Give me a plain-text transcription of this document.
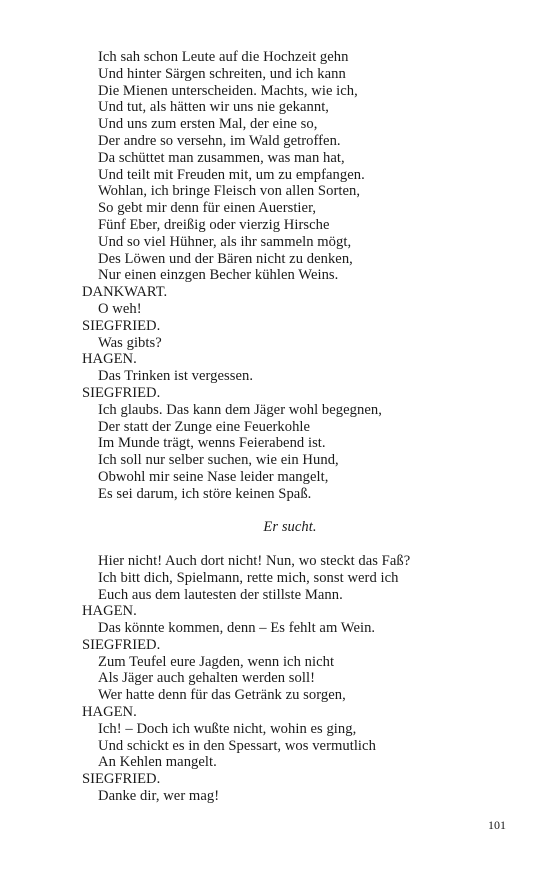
Ich sah schon Leute auf die Hochzeit gehn
Und hinter Särgen schreiten, und ich kann
Die Mienen unterscheiden. Machts, wie ich,
Und tut, als hätten wir uns nie gekannt,
Und uns zum ersten Mal, der eine so,
Der andre so versehn, im Wald getroffen.
Da schüttet man zusammen, was man hat,
Und teilt mit Freuden mit, um zu empfangen.
Wohlan, ich bringe Fleisch von allen Sorten,
So gebt mir denn für einen Auerstier,
Fünf Eber, dreißig oder vierzig Hirsche
Und so viel Hühner, als ihr sammeln mögt,
Des Löwen und der Bären nicht zu denken,
Nur einen einzgen Becher kühlen Weins.
DANKWART.
O weh!
SIEGFRIED.
Was gibts?
HAGEN.
Das Trinken ist vergessen.
SIEGFRIED.
Ich glaubs. Das kann dem Jäger wohl begegnen,
Der statt der Zunge eine Feuerkohle
Im Munde trägt, wenns Feierabend ist.
Ich soll nur selber suchen, wie ein Hund,
Obwohl mir seine Nase leider mangelt,
Es sei darum, ich störe keinen Spaß.
Er sucht.
Hier nicht! Auch dort nicht! Nun, wo steckt das Faß?
Ich bitt dich, Spielmann, rette mich, sonst werd ich
Euch aus dem lautesten der stillste Mann.
HAGEN.
Das könnte kommen, denn – Es fehlt am Wein.
SIEGFRIED.
Zum Teufel eure Jagden, wenn ich nicht
Als Jäger auch gehalten werden soll!
Wer hatte denn für das Getränk zu sorgen,
HAGEN.
Ich! – Doch ich wußte nicht, wohin es ging,
Und schickt es in den Spessart, wos vermutlich
An Kehlen mangelt.
SIEGFRIED.
Danke dir, wer mag!
101
